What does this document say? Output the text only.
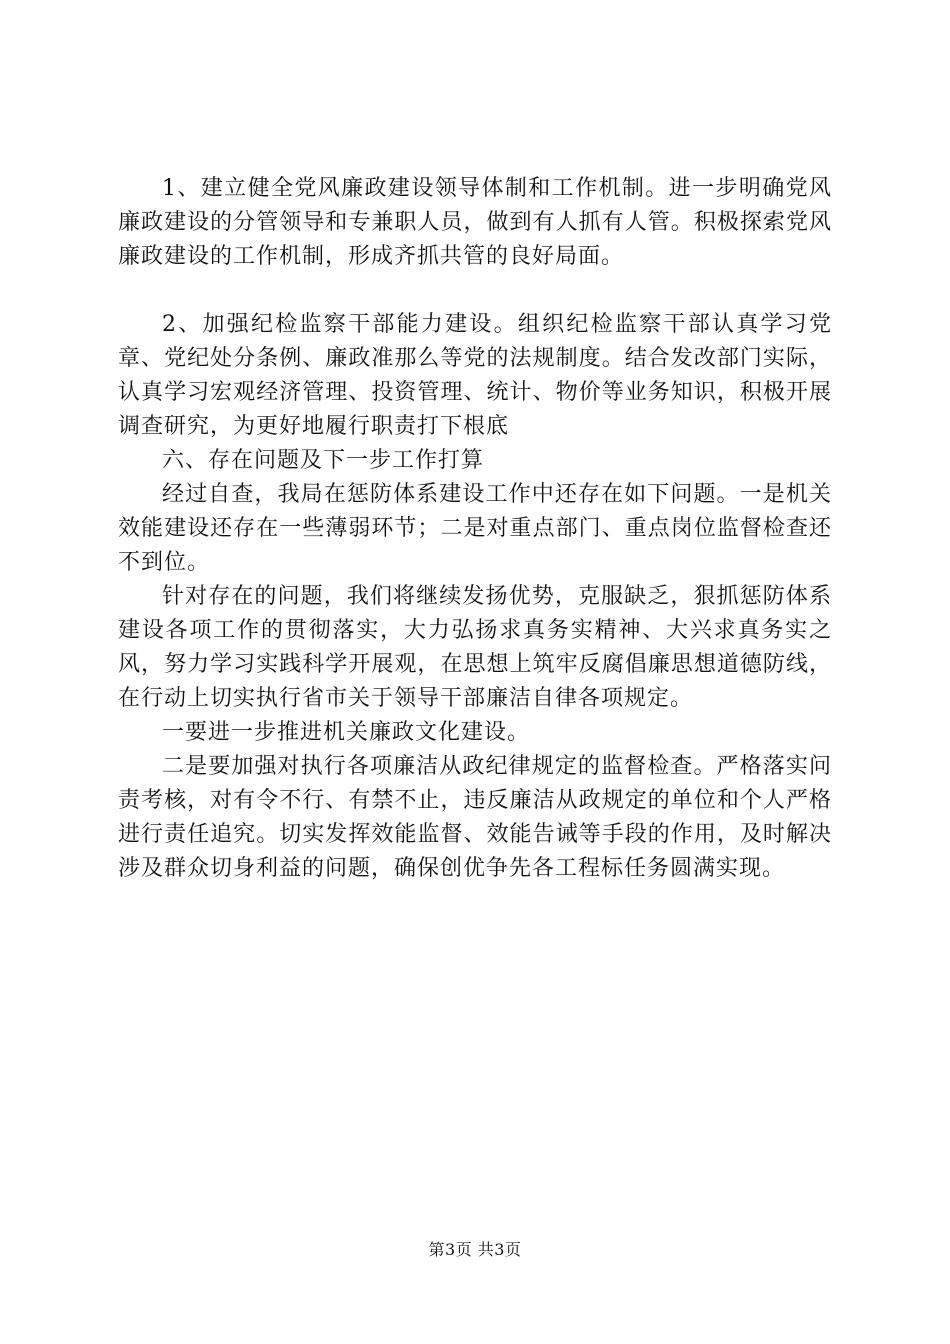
1、建立健全党风廉政建设领导体制和工作机制。进一步明确党风廉政建设的分管领导和专兼职人员，做到有人抓有人管。积极探索党风廉政建设的工作机制，形成齐抓共管的良好局面。

2、加强纪检监察干部能力建设。组织纪检监察干部认真学习党章、党纪处分条例、廉政准那么等党的法规制度。结合发改部门实际，认真学习宏观经济管理、投资管理、统计、物价等业务知识，积极开展调查研究，为更好地履行职责打下根底

六、存在问题及下一步工作打算

经过自查，我局在惩防体系建设工作中还存在如下问题。一是机关效能建设还存在一些薄弱环节；二是对重点部门、重点岗位监督检查还不到位。

针对存在的问题，我们将继续发扬优势，克服缺乏，狠抓惩防体系建设各项工作的贯彻落实，大力弘扬求真务实精神、大兴求真务实之风，努力学习实践科学开展观，在思想上筑牢反腐倡廉思想道德防线，在行动上切实执行省市关于领导干部廉洁自律各项规定。

一要进一步推进机关廉政文化建设。

二是要加强对执行各项廉洁从政纪律规定的监督检查。严格落实问责考核，对有令不行、有禁不止，违反廉洁从政规定的单位和个人严格进行责任追究。切实发挥效能监督、效能告诫等手段的作用，及时解决涉及群众切身利益的问题，确保创优争先各工程标任务圆满实现。

第3页 共3页
